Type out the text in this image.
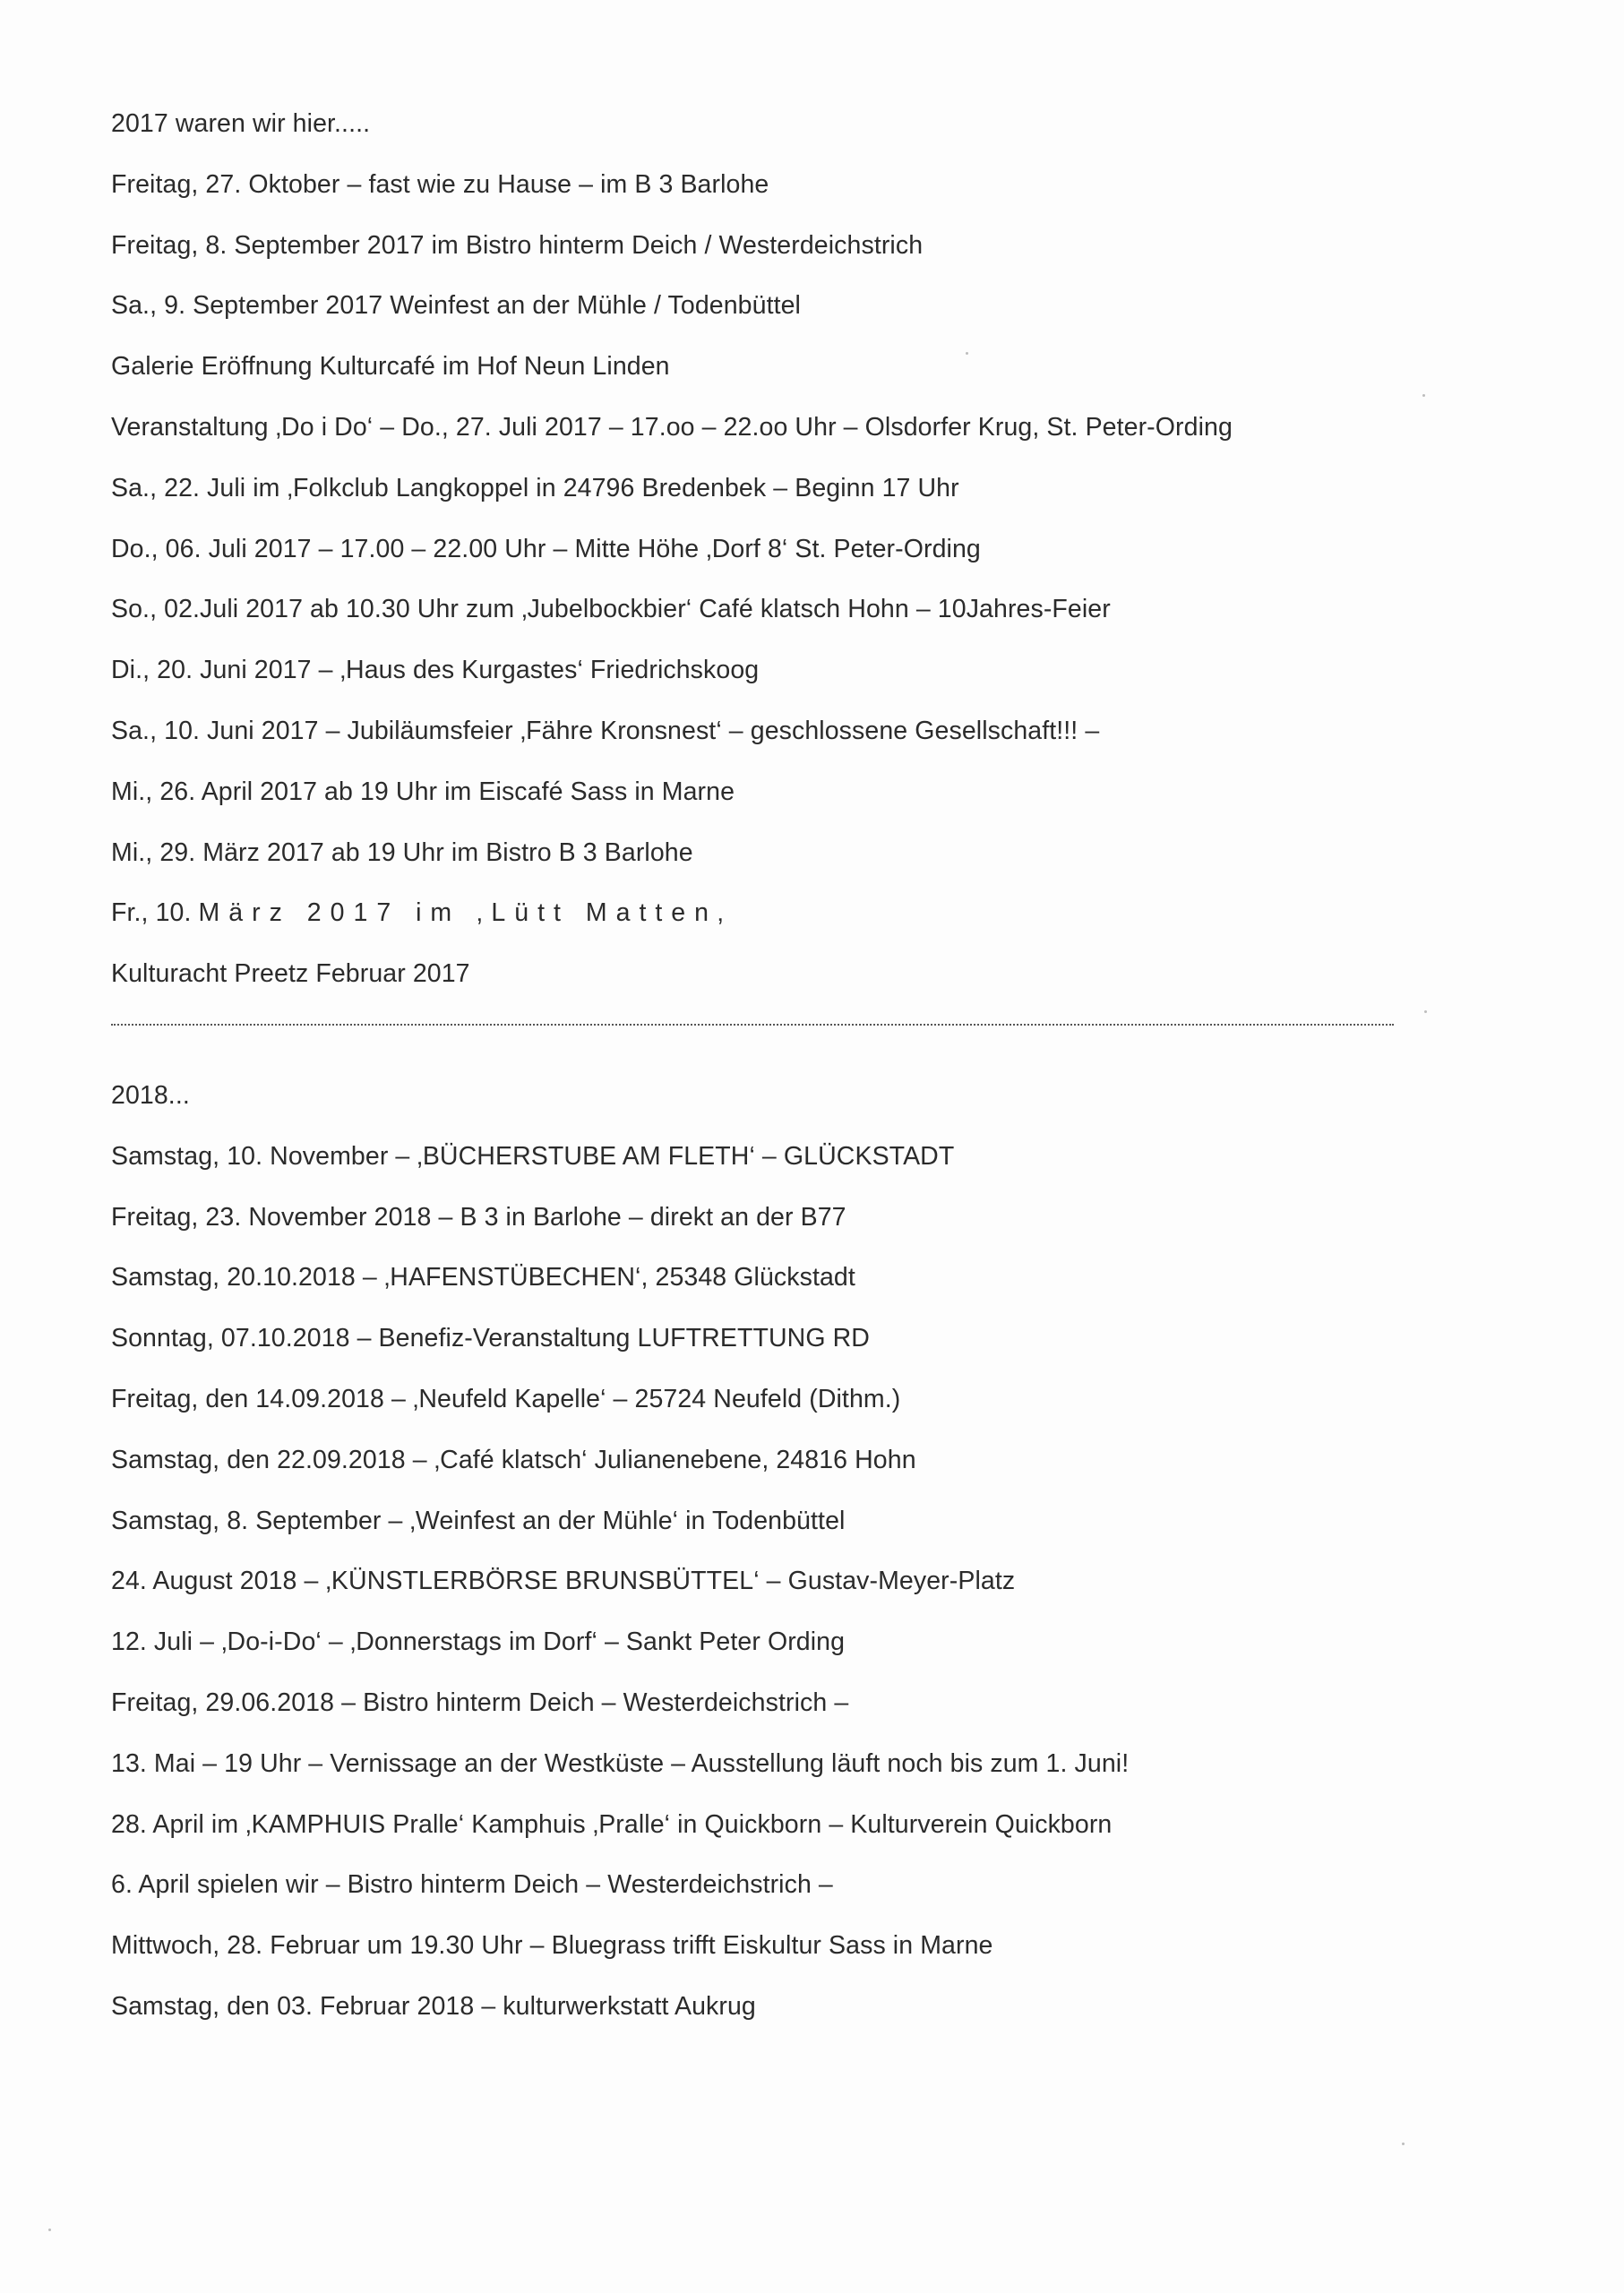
2017 waren wir hier.....
Freitag, 27. Oktober – fast wie zu Hause – im B 3 Barlohe
Freitag, 8. September 2017 im Bistro hinterm Deich / Westerdeichstrich
Sa., 9. September 2017 Weinfest an der Mühle / Todenbüttel
Galerie Eröffnung Kulturcafé im Hof Neun Linden
Veranstaltung ‚Do i Do‘ – Do., 27. Juli 2017 – 17.oo – 22.oo Uhr – Olsdorfer Krug, St. Peter-Ording
Sa., 22. Juli im ‚Folkclub Langkoppel in 24796 Bredenbek – Beginn 17 Uhr
Do., 06. Juli 2017 – 17.00 – 22.00 Uhr – Mitte Höhe ‚Dorf 8‘ St. Peter-Ording
So., 02.Juli 2017 ab 10.30 Uhr zum ‚Jubelbockbier‘ Café klatsch Hohn – 10Jahres-Feier
Di., 20. Juni 2017 – ‚Haus des Kurgastes‘ Friedrichskoog
Sa., 10. Juni 2017 – Jubiläumsfeier ‚Fähre Kronsnest‘ – geschlossene Gesellschaft!!! –
Mi., 26. April 2017 ab 19 Uhr im Eiscafé Sass in Marne
Mi., 29. März 2017 ab 19 Uhr im Bistro B 3 Barlohe
Fr., 10. März 2017 im ‚Lütt Matten‚
Kulturacht Preetz Februar 2017
2018...
Samstag, 10. November – ‚BÜCHERSTUBE AM FLETH‘ – GLÜCKSTADT
Freitag, 23. November 2018 – B 3 in Barlohe – direkt an der B77
Samstag, 20.10.2018 – ‚HAFENSTÜBECHEN‘, 25348 Glückstadt
Sonntag, 07.10.2018 – Benefiz-Veranstaltung LUFTRETTUNG RD
Freitag, den 14.09.2018 – ‚Neufeld Kapelle‘ – 25724 Neufeld (Dithm.)
Samstag, den 22.09.2018 – ‚Café klatsch‘ Julianenebene, 24816 Hohn
Samstag, 8. September – ‚Weinfest an der Mühle‘ in Todenbüttel
24. August 2018 – ‚KÜNSTLERBÖRSE BRUNSBÜTTEL‘ – Gustav-Meyer-Platz
12. Juli – ‚Do-i-Do‘ – ‚Donnerstags im Dorf‘ – Sankt Peter Ording
Freitag, 29.06.2018 – Bistro hinterm Deich – Westerdeichstrich –
13. Mai – 19 Uhr – Vernissage an der Westküste – Ausstellung läuft noch bis zum 1. Juni!
28. April im ‚KAMPHUIS Pralle‘ Kamphuis ‚Pralle‘ in Quickborn – Kulturverein Quickborn
6. April spielen wir – Bistro hinterm Deich – Westerdeichstrich –
Mittwoch, 28. Februar um 19.30 Uhr – Bluegrass trifft Eiskultur Sass in Marne
Samstag, den 03. Februar 2018 – kulturwerkstatt Aukrug
